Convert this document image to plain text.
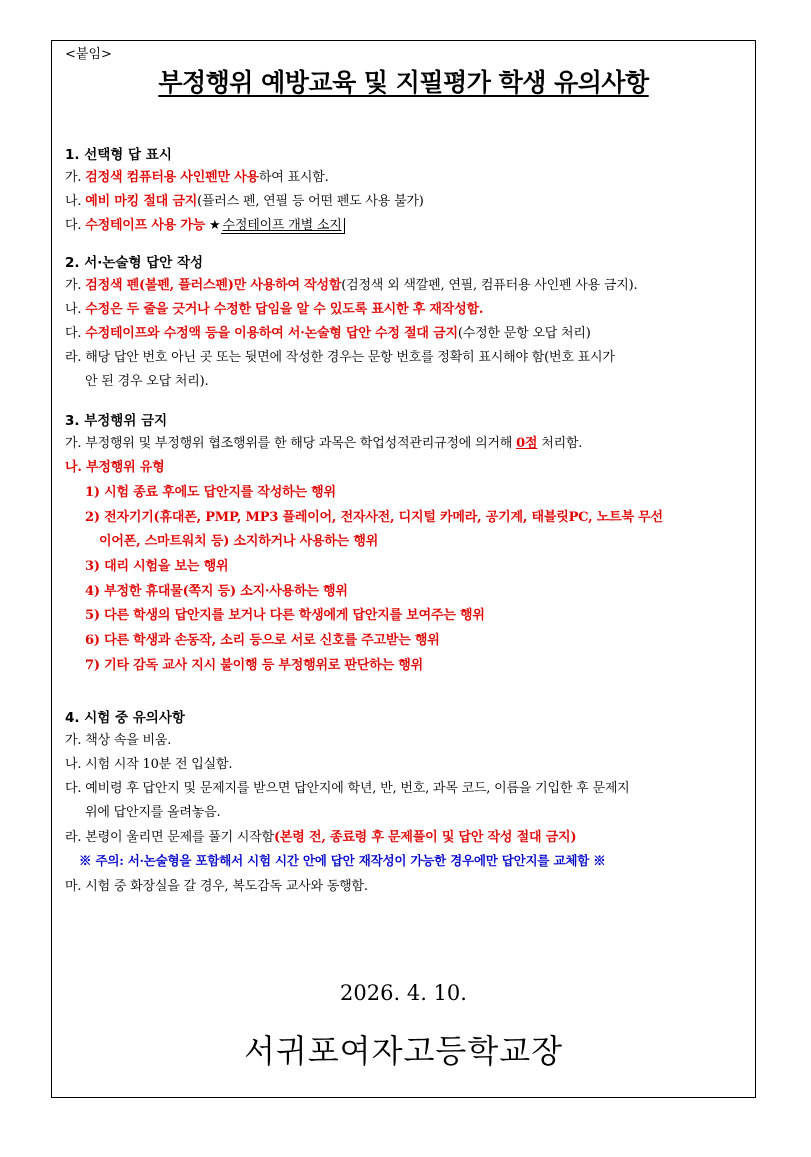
<붙임>
부정행위 예방교육 및 지필평가 학생 유의사항
1. 선택형 답 표시
가. 검정색 컴퓨터용 사인펜만 사용하여 표시함.
나. 예비 마킹 절대 금지(플러스 펜, 연필 등 어떤 펜도 사용 불가)
다. 수정테이프 사용 가능 ★ 수정테이프 개별 소지
2. 서·논술형 답안 작성
가. 검정색 펜(볼펜, 플러스펜)만 사용하여 작성함(검정색 외 색깔펜, 연필, 컴퓨터용 사인펜 사용 금지).
나. 수정은 두 줄을 긋거나 수정한 답임을 알 수 있도록 표시한 후 재작성함.
다. 수정테이프와 수정액 등을 이용하여 서·논술형 답안 수정 절대 금지(수정한 문항 오답 처리)
라. 해당 답안 번호 아닌 곳 또는 뒷면에 작성한 경우는 문항 번호를 정확히 표시해야 함(번호 표시가
안 된 경우 오답 처리).
3. 부정행위 금지
가. 부정행위 및 부정행위 협조행위를 한 해당 과목은 학업성적관리규정에 의거해 0점 처리함.
나. 부정행위 유형
1) 시험 종료 후에도 답안지를 작성하는 행위
2) 전자기기(휴대폰, PMP, MP3 플레이어, 전자사전, 디지털 카메라, 공기계, 태블릿PC, 노트북 무선
이어폰, 스마트워치 등) 소지하거나 사용하는 행위
3) 대리 시험을 보는 행위
4) 부정한 휴대물(쪽지 등) 소지·사용하는 행위
5) 다른 학생의 답안지를 보거나 다른 학생에게 답안지를 보여주는 행위
6) 다른 학생과 손동작, 소리 등으로 서로 신호를 주고받는 행위
7) 기타 감독 교사 지시 불이행 등 부정행위로 판단하는 행위
4. 시험 중 유의사항
가. 책상 속을 비움.
나. 시험 시작 10분 전 입실함.
다. 예비령 후 답안지 및 문제지를 받으면 답안지에 학년, 반, 번호, 과목 코드, 이름을 기입한 후 문제지
위에 답안지를 올려놓음.
라. 본령이 울리면 문제를 풀기 시작함(본령 전, 종료령 후 문제풀이 및 답안 작성 절대 금지)
※ 주의: 서·논술형을 포함해서 시험 시간 안에 답안 재작성이 가능한 경우에만 답안지를 교체함 ※
마. 시험 중 화장실을 갈 경우, 복도감독 교사와 동행함.
2026. 4. 10.
서귀포여자고등학교장
